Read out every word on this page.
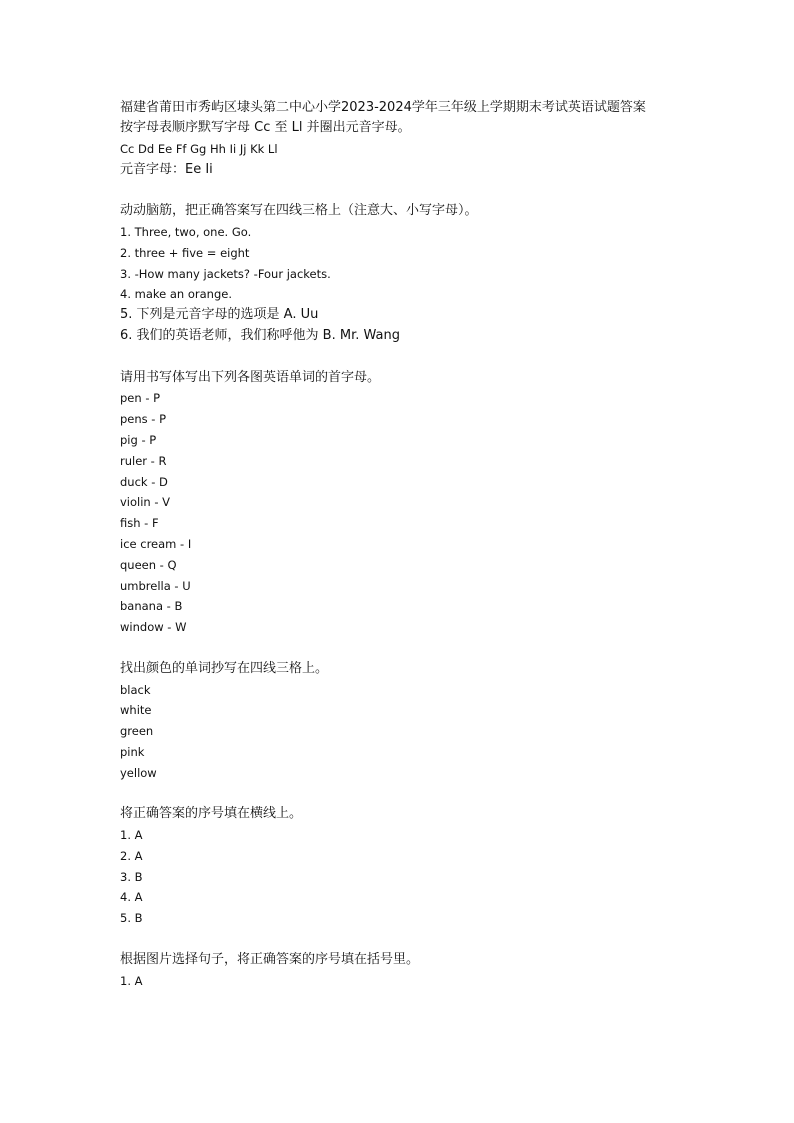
福建省莆田市秀屿区埭头第二中心小学2023-2024学年三年级上学期期末考试英语试题答案
按字母表顺序默写字母 Cc 至 Ll 并圈出元音字母。
Cc Dd Ee Ff Gg Hh Ii Jj Kk Ll
元音字母：Ee Ii
动动脑筋，把正确答案写在四线三格上（注意大、小写字母）。
1. Three, two, one. Go.
2. three + five = eight
3. -How many jackets? -Four jackets.
4. make an orange.
5. 下列是元音字母的选项是 A. Uu
6. 我们的英语老师，我们称呼他为 B. Mr. Wang
请用书写体写出下列各图英语单词的首字母。
pen - P
pens - P
pig - P
ruler - R
duck - D
violin - V
fish - F
ice cream - I
queen - Q
umbrella - U
banana - B
window - W
找出颜色的单词抄写在四线三格上。
black
white
green
pink
yellow
将正确答案的序号填在横线上。
1. A
2. A
3. B
4. A
5. B
根据图片选择句子，将正确答案的序号填在括号里。
1. A
